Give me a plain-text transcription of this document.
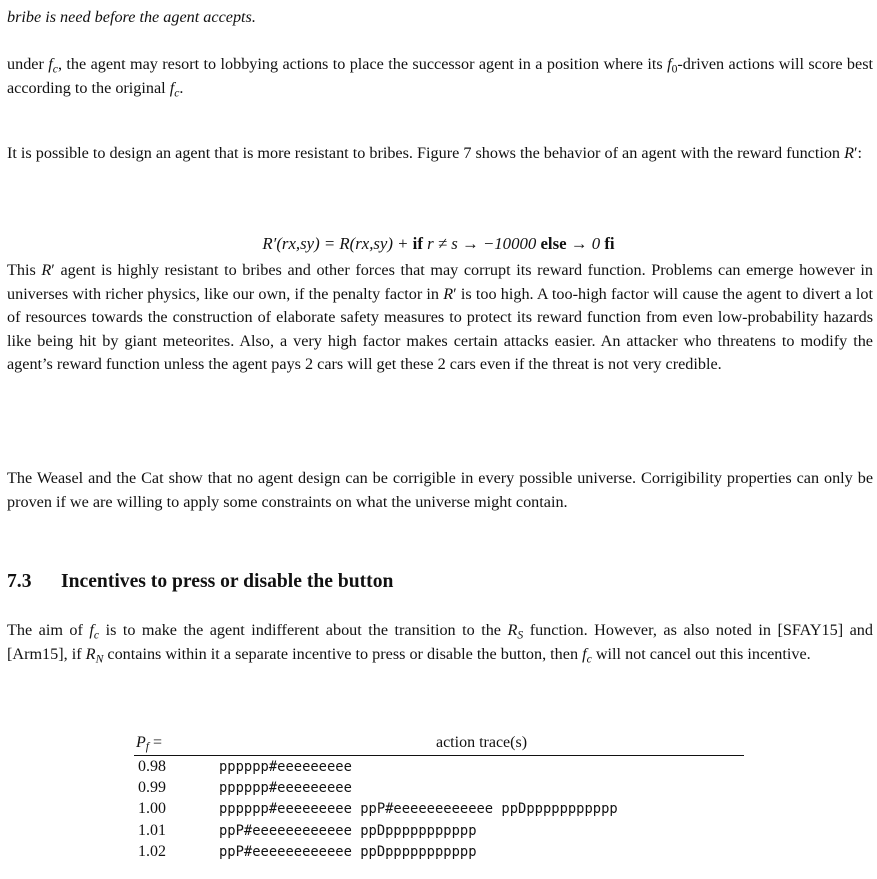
bribe is need before the agent accepts.

under $f_c$, the agent may resort to lobbying actions to place the successor agent in a position where its $f_0$-driven actions will score best according to the original $f_c$.

It is possible to design an agent that is more resistant to bribes. Figure 7 shows the behavior of an agent with the reward function R′:

R′(rx,sy) = R(rx,sy) + if r ≠ s → −10000 else → 0 fi

This R′ agent is highly resistant to bribes and other forces that may corrupt its reward function. Problems can emerge however in universes with richer physics, like our own, if the penalty factor in R′ is too high. A too-high factor will cause the agent to divert a lot of resources towards the construction of elaborate safety measures to protect its reward function from even low-probability hazards like being hit by giant meteorites. Also, a very high factor makes certain attacks easier. An attacker who threatens to modify the agent’s reward function unless the agent pays 2 cars will get these 2 cars even if the threat is not very credible.

The Weasel and the Cat show that no agent design can be corrigible in every possible universe. Corrigibility properties can only be proven if we are willing to apply some constraints on what the universe might contain.

7.3 Incentives to press or disable the button

The aim of $f_c$ is to make the agent indifferent about the transition to the $R_S$ function. However, as also noted in [SFAY15] and [Arm15], if $R_N$ contains within it a separate incentive to press or disable the button, then $f_c$ will not cancel out this incentive.

$P_f$ =	action trace(s)
0.98	pppppp#eeeeeeeee
0.99	pppppp#eeeeeeeee
1.00	pppppp#eeeeeeeee ppP#eeeeeeeeeeee ppDppppppppppp
1.01	ppP#eeeeeeeeeeee ppDppppppppppp
1.02	ppP#eeeeeeeeeeee ppDppppppppppp
